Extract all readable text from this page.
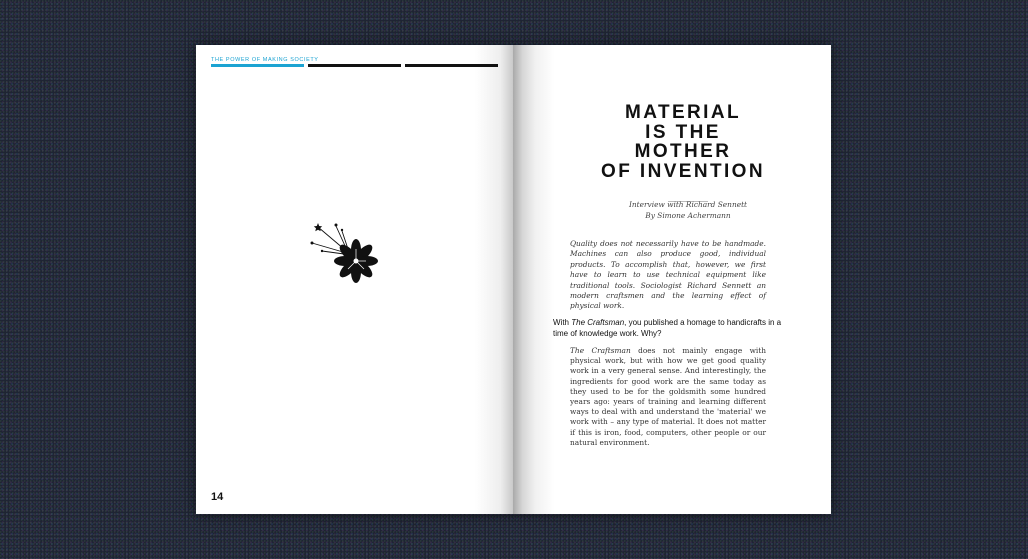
THE POWER OF MAKING SOCIETY
14
MATERIAL
IS THE
MOTHER
OF INVENTION
Interview with Richard Sennett
By Simone Achermann
Quality does not necessarily have to be handmade. Machines can also produce good, individual products. To accomplish that, however, we first have to learn to use technical equipment like traditional tools. Sociologist Richard Sennett an modern craftsmen and the learning effect of physical work.
With The Craftsman, you published a homage to handicrafts in a time of knowledge work. Why?
The Craftsman does not mainly engage with physical work, but with how we get good quality work in a very general sense. And interestingly, the ingredients for good work are the same today as they used to be for the goldsmith some hundred years ago: years of training and learning different ways to deal with and understand the 'material' we work with – any type of material. It does not matter if this is iron, food, computers, other people or our natural environment.
